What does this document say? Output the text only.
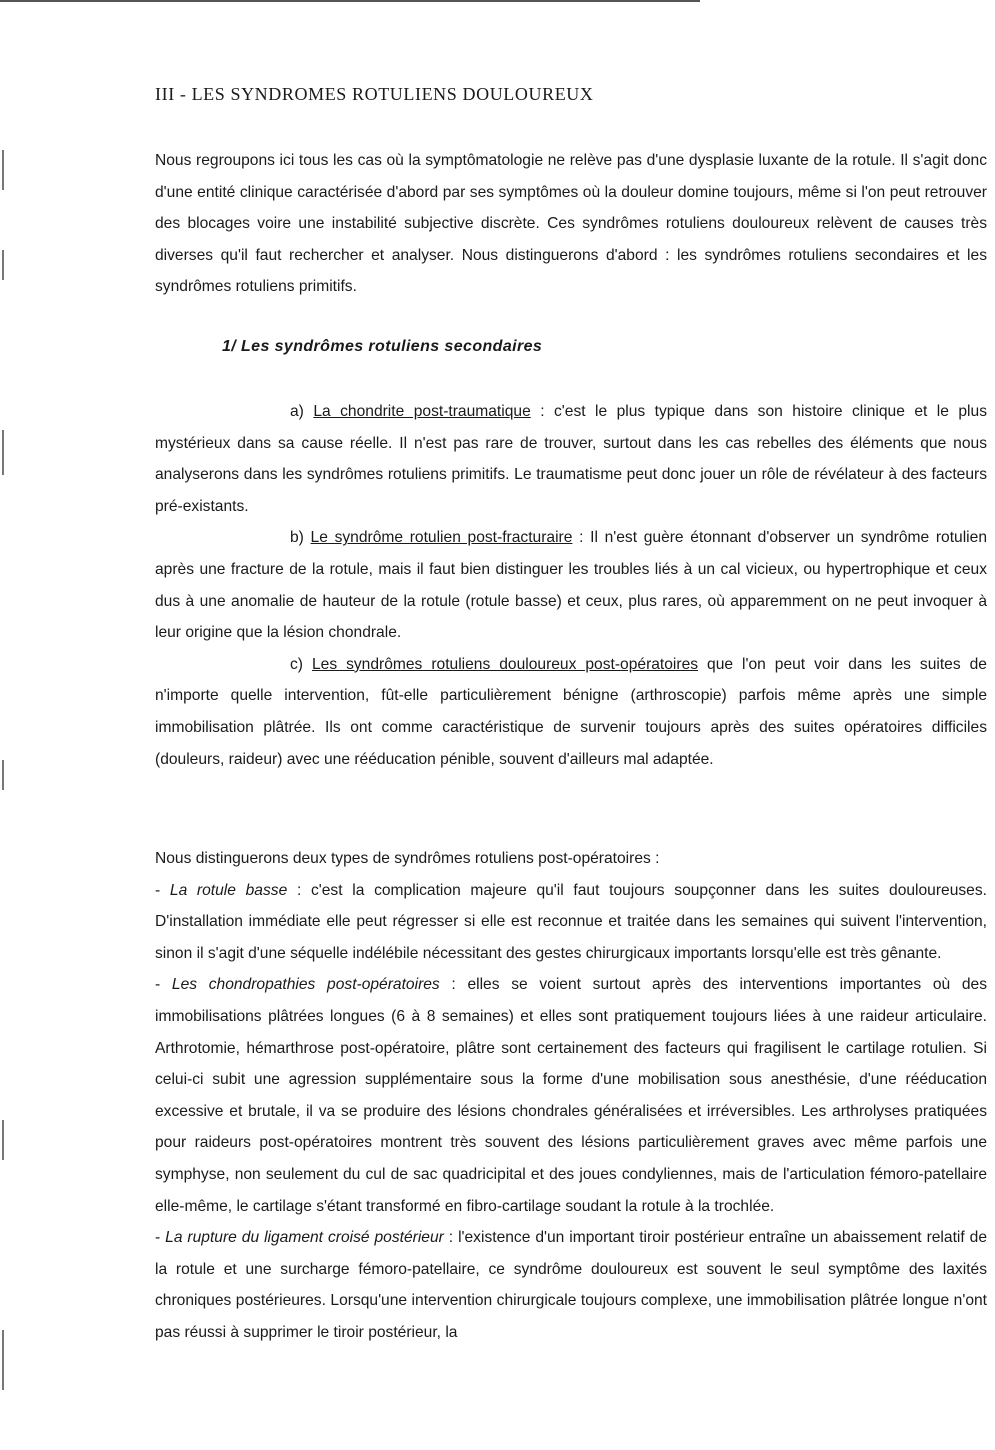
III - LES SYNDROMES ROTULIENS DOULOUREUX

Nous regroupons ici tous les cas où la symptômatologie ne relève pas d'une dysplasie luxante de la rotule. Il s'agit donc d'une entité clinique caractérisée d'abord par ses symptômes où la douleur domine toujours, même si l'on peut retrouver des blocages voire une instabilité subjective discrète. Ces syndrômes rotuliens douloureux relèvent de causes très diverses qu'il faut rechercher et analyser. Nous distinguerons d'abord : les syndrômes rotuliens secondaires et les syndrômes rotuliens primitifs.

1/ Les syndrômes rotuliens secondaires

a) La chondrite post-traumatique : c'est le plus typique dans son histoire clinique et le plus mystérieux dans sa cause réelle. Il n'est pas rare de trouver, surtout dans les cas rebelles des éléments que nous analyserons dans les syndrômes rotuliens primitifs. Le traumatisme peut donc jouer un rôle de révélateur à des facteurs pré-existants.

b) Le syndrôme rotulien post-fracturaire : Il n'est guère étonnant d'observer un syndrôme rotulien après une fracture de la rotule, mais il faut bien distinguer les troubles liés à un cal vicieux, ou hypertrophique et ceux dus à une anomalie de hauteur de la rotule (rotule basse) et ceux, plus rares, où apparemment on ne peut invoquer à leur origine que la lésion chondrale.

c) Les syndrômes rotuliens douloureux post-opératoires que l'on peut voir dans les suites de n'importe quelle intervention, fût-elle particulièrement bénigne (arthroscopie) parfois même après une simple immobilisation plâtrée. Ils ont comme caractéristique de survenir toujours après des suites opératoires difficiles (douleurs, raideur) avec une rééducation pénible, souvent d'ailleurs mal adaptée.

Nous distinguerons deux types de syndrômes rotuliens post-opératoires :

- La rotule basse : c'est la complication majeure qu'il faut toujours soupçonner dans les suites douloureuses. D'installation immédiate elle peut régresser si elle est reconnue et traitée dans les semaines qui suivent l'intervention, sinon il s'agit d'une séquelle indélébile nécessitant des gestes chirurgicaux importants lorsqu'elle est très gênante.

- Les chondropathies post-opératoires : elles se voient surtout après des interventions importantes où des immobilisations plâtrées longues (6 à 8 semaines) et elles sont pratiquement toujours liées à une raideur articulaire. Arthrotomie, hémarthrose post-opératoire, plâtre sont certainement des facteurs qui fragilisent le cartilage rotulien. Si celui-ci subit une agression supplémentaire sous la forme d'une mobilisation sous anesthésie, d'une rééducation excessive et brutale, il va se produire des lésions chondrales généralisées et irréversibles. Les arthrolyses pratiquées pour raideurs post-opératoires montrent très souvent des lésions particulièrement graves avec même parfois une symphyse, non seulement du cul de sac quadricipital et des joues condyliennes, mais de l'articulation fémoro-patellaire elle-même, le cartilage s'étant transformé en fibro-cartilage soudant la rotule à la trochlée.

- La rupture du ligament croisé postérieur : l'existence d'un important tiroir postérieur entraîne un abaissement relatif de la rotule et une surcharge fémoro-patellaire, ce syndrôme douloureux est souvent le seul symptôme des laxités chroniques postérieures. Lorsqu'une intervention chirurgicale toujours complexe, une immobilisation plâtrée longue n'ont pas réussi à supprimer le tiroir postérieur, la
